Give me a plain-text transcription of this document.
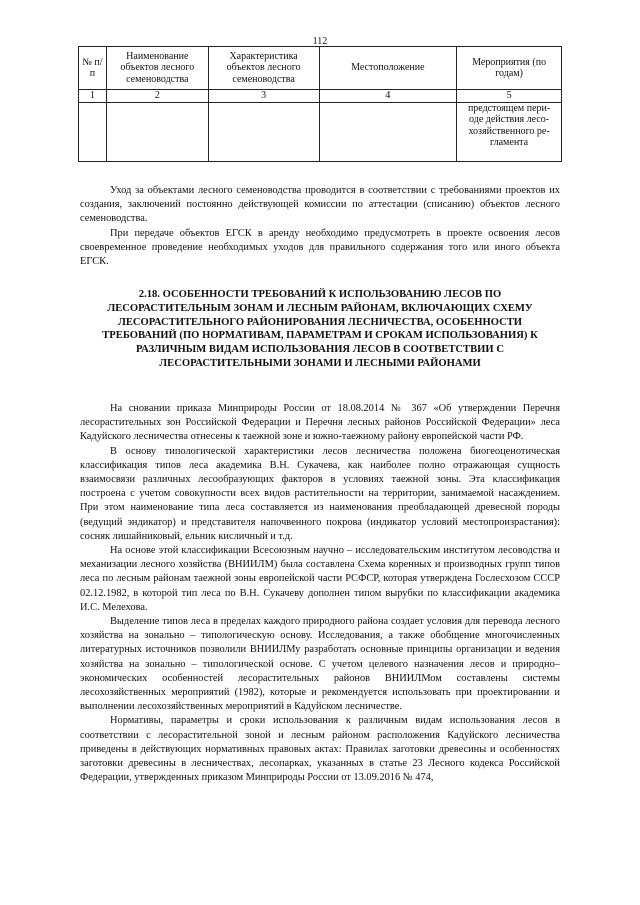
112
№ п/п	Наименование объектов лесного семеноводства	Характеристика объектов лесного семеноводства	Местоположение	Мероприятия (по годам)
1	2	3	4	5

				предстоящем пери-
оде действия лесо-
хозяйственного ре-
гламента

Уход за объектами лесного семеноводства проводится в соответствии с требованиями проектов их создания, заключений постоянно действующей комиссии по аттестации (списанию) объектов лесного семеноводства.

При передаче объектов ЕГСК в аренду необходимо предусмотреть в проекте освоения лесов своевременное проведение необходимых уходов для правильного содержания того или иного объекта ЕГСК.

2.18. ОСОБЕННОСТИ ТРЕБОВАНИЙ К ИСПОЛЬЗОВАНИЮ ЛЕСОВ ПО ЛЕСОРАСТИТЕЛЬНЫМ ЗОНАМ И ЛЕСНЫМ РАЙОНАМ, ВКЛЮЧАЮЩИХ СХЕМУ ЛЕСОРАСТИТЕЛЬНОГО РАЙОНИРОВАНИЯ ЛЕСНИЧЕСТВА, ОСОБЕННОСТИ ТРЕБОВАНИЙ (ПО НОРМАТИВАМ, ПАРАМЕТРАМ И СРОКАМ ИСПОЛЬЗОВАНИЯ) К РАЗЛИЧНЫМ ВИДАМ ИСПОЛЬЗОВАНИЯ ЛЕСОВ В СООТВЕТСТВИИ С ЛЕСОРАСТИТЕЛЬНЫМИ ЗОНАМИ И ЛЕСНЫМИ РАЙОНАМИ

На сновании приказа Минприроды России от 18.08.2014 № 367 «Об утверждении Перечня лесорастительных зон Российской Федерации и Перечня лесных районов Российской Федерации» леса Кадуйского лесничества отнесены к таежной зоне и южно-таежному району европейской части РФ.

В основу типологической характеристики лесов лесничества положена биогеоценотическая классификация типов леса академика В.Н. Сукачева, как наиболее полно отражающая сущность взаимосвязи различных лесообразующих факторов в условиях таежной зоны. Эта классификация построена с учетом совокупности всех видов растительности на территории, занимаемой насаждением. При этом наименование типа леса составляется из наименования преобладающей древесной породы (ведущий эндикатор) и представителя напочвенного покрова (индикатор условий местопроизрастания): сосняк лишайниковый, ельник кисличный и т.д.

На основе этой классификации Всесоюзным научно – исследовательским институтом лесоводства и механизации лесного хозяйства (ВНИИЛМ) была составлена Схема коренных и производных групп типов леса по лесным районам таежной зоны европейской части РСФСР, которая утверждена Гослесхозом СССР 02.12.1982, в которой тип леса по В.Н. Сукачеву дополнен типом вырубки по классификации академика И.С. Мелехова.

Выделение типов леса в пределах каждого природного района создает условия для перевода лесного хозяйства на зонально – типологическую основу. Исследования, а также обобщение многочисленных литературных источников позволили ВНИИЛМу разработать основные принципы организации и ведения хозяйства на зонально – типологической основе. С учетом целевого назначения лесов и природно–экономических особенностей лесорастительных районов ВНИИЛМом составлены системы лесохозяйственных мероприятий (1982), которые и рекомендуется использовать при проектировании и выполнении лесохозяйственных мероприятий в Кадуйском лесничестве.

Нормативы, параметры и сроки использования к различным видам использования лесов в соответствии с лесорастительной зоной и лесным районом расположения Кадуйского лесничества приведены в действующих нормативных правовых актах: Правилах заготовки древесины и особенностях заготовки древесины в лесничествах, лесопарках, указанных в статье 23 Лесного кодекса Российской Федерации, утвержденных приказом Минприроды России от 13.09.2016 № 474,
